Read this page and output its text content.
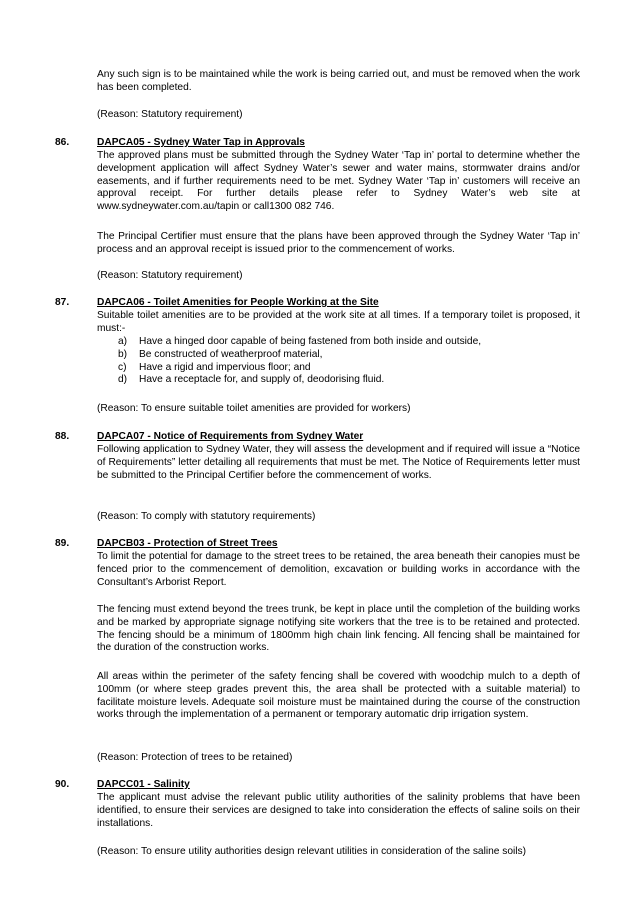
Any such sign is to be maintained while the work is being carried out, and must be removed when the work has been completed.

(Reason: Statutory requirement)

86.	DAPCA05 - Sydney Water Tap in Approvals

The approved plans must be submitted through the Sydney Water ‘Tap in’ portal to determine whether the development application will affect Sydney Water’s sewer and water mains, stormwater drains and/or easements, and if further requirements need to be met. Sydney Water ‘Tap in’ customers will receive an approval receipt. For further details please refer to Sydney Water’s web site at www.sydneywater.com.au/tapin or call1300 082 746.

The Principal Certifier must ensure that the plans have been approved through the Sydney Water ‘Tap in’ process and an approval receipt is issued prior to the commencement of works.

(Reason: Statutory requirement)

87.	DAPCA06 - Toilet Amenities for People Working at the Site

Suitable toilet amenities are to be provided at the work site at all times. If a temporary toilet is proposed, it must:-

a) Have a hinged door capable of being fastened from both inside and outside,
b) Be constructed of weatherproof material,
c) Have a rigid and impervious floor; and
d) Have a receptacle for, and supply of, deodorising fluid.

(Reason: To ensure suitable toilet amenities are provided for workers)

88.	DAPCA07 - Notice of Requirements from Sydney Water

Following application to Sydney Water, they will assess the development and if required will issue a “Notice of Requirements” letter detailing all requirements that must be met. The Notice of Requirements letter must be submitted to the Principal Certifier before the commencement of works.

(Reason: To comply with statutory requirements)

89.	DAPCB03 - Protection of Street Trees

To limit the potential for damage to the street trees to be retained, the area beneath their canopies must be fenced prior to the commencement of demolition, excavation or building works in accordance with the Consultant’s Arborist Report.

The fencing must extend beyond the trees trunk, be kept in place until the completion of the building works and be marked by appropriate signage notifying site workers that the tree is to be retained and protected. The fencing should be a minimum of 1800mm high chain link fencing. All fencing shall be maintained for the duration of the construction works.

All areas within the perimeter of the safety fencing shall be covered with woodchip mulch to a depth of 100mm (or where steep grades prevent this, the area shall be protected with a suitable material) to facilitate moisture levels. Adequate soil moisture must be maintained during the course of the construction works through the implementation of a permanent or temporary automatic drip irrigation system.

(Reason: Protection of trees to be retained)

90.	DAPCC01 - Salinity

The applicant must advise the relevant public utility authorities of the salinity problems that have been identified, to ensure their services are designed to take into consideration the effects of saline soils on their installations.

(Reason: To ensure utility authorities design relevant utilities in consideration of the saline soils)
